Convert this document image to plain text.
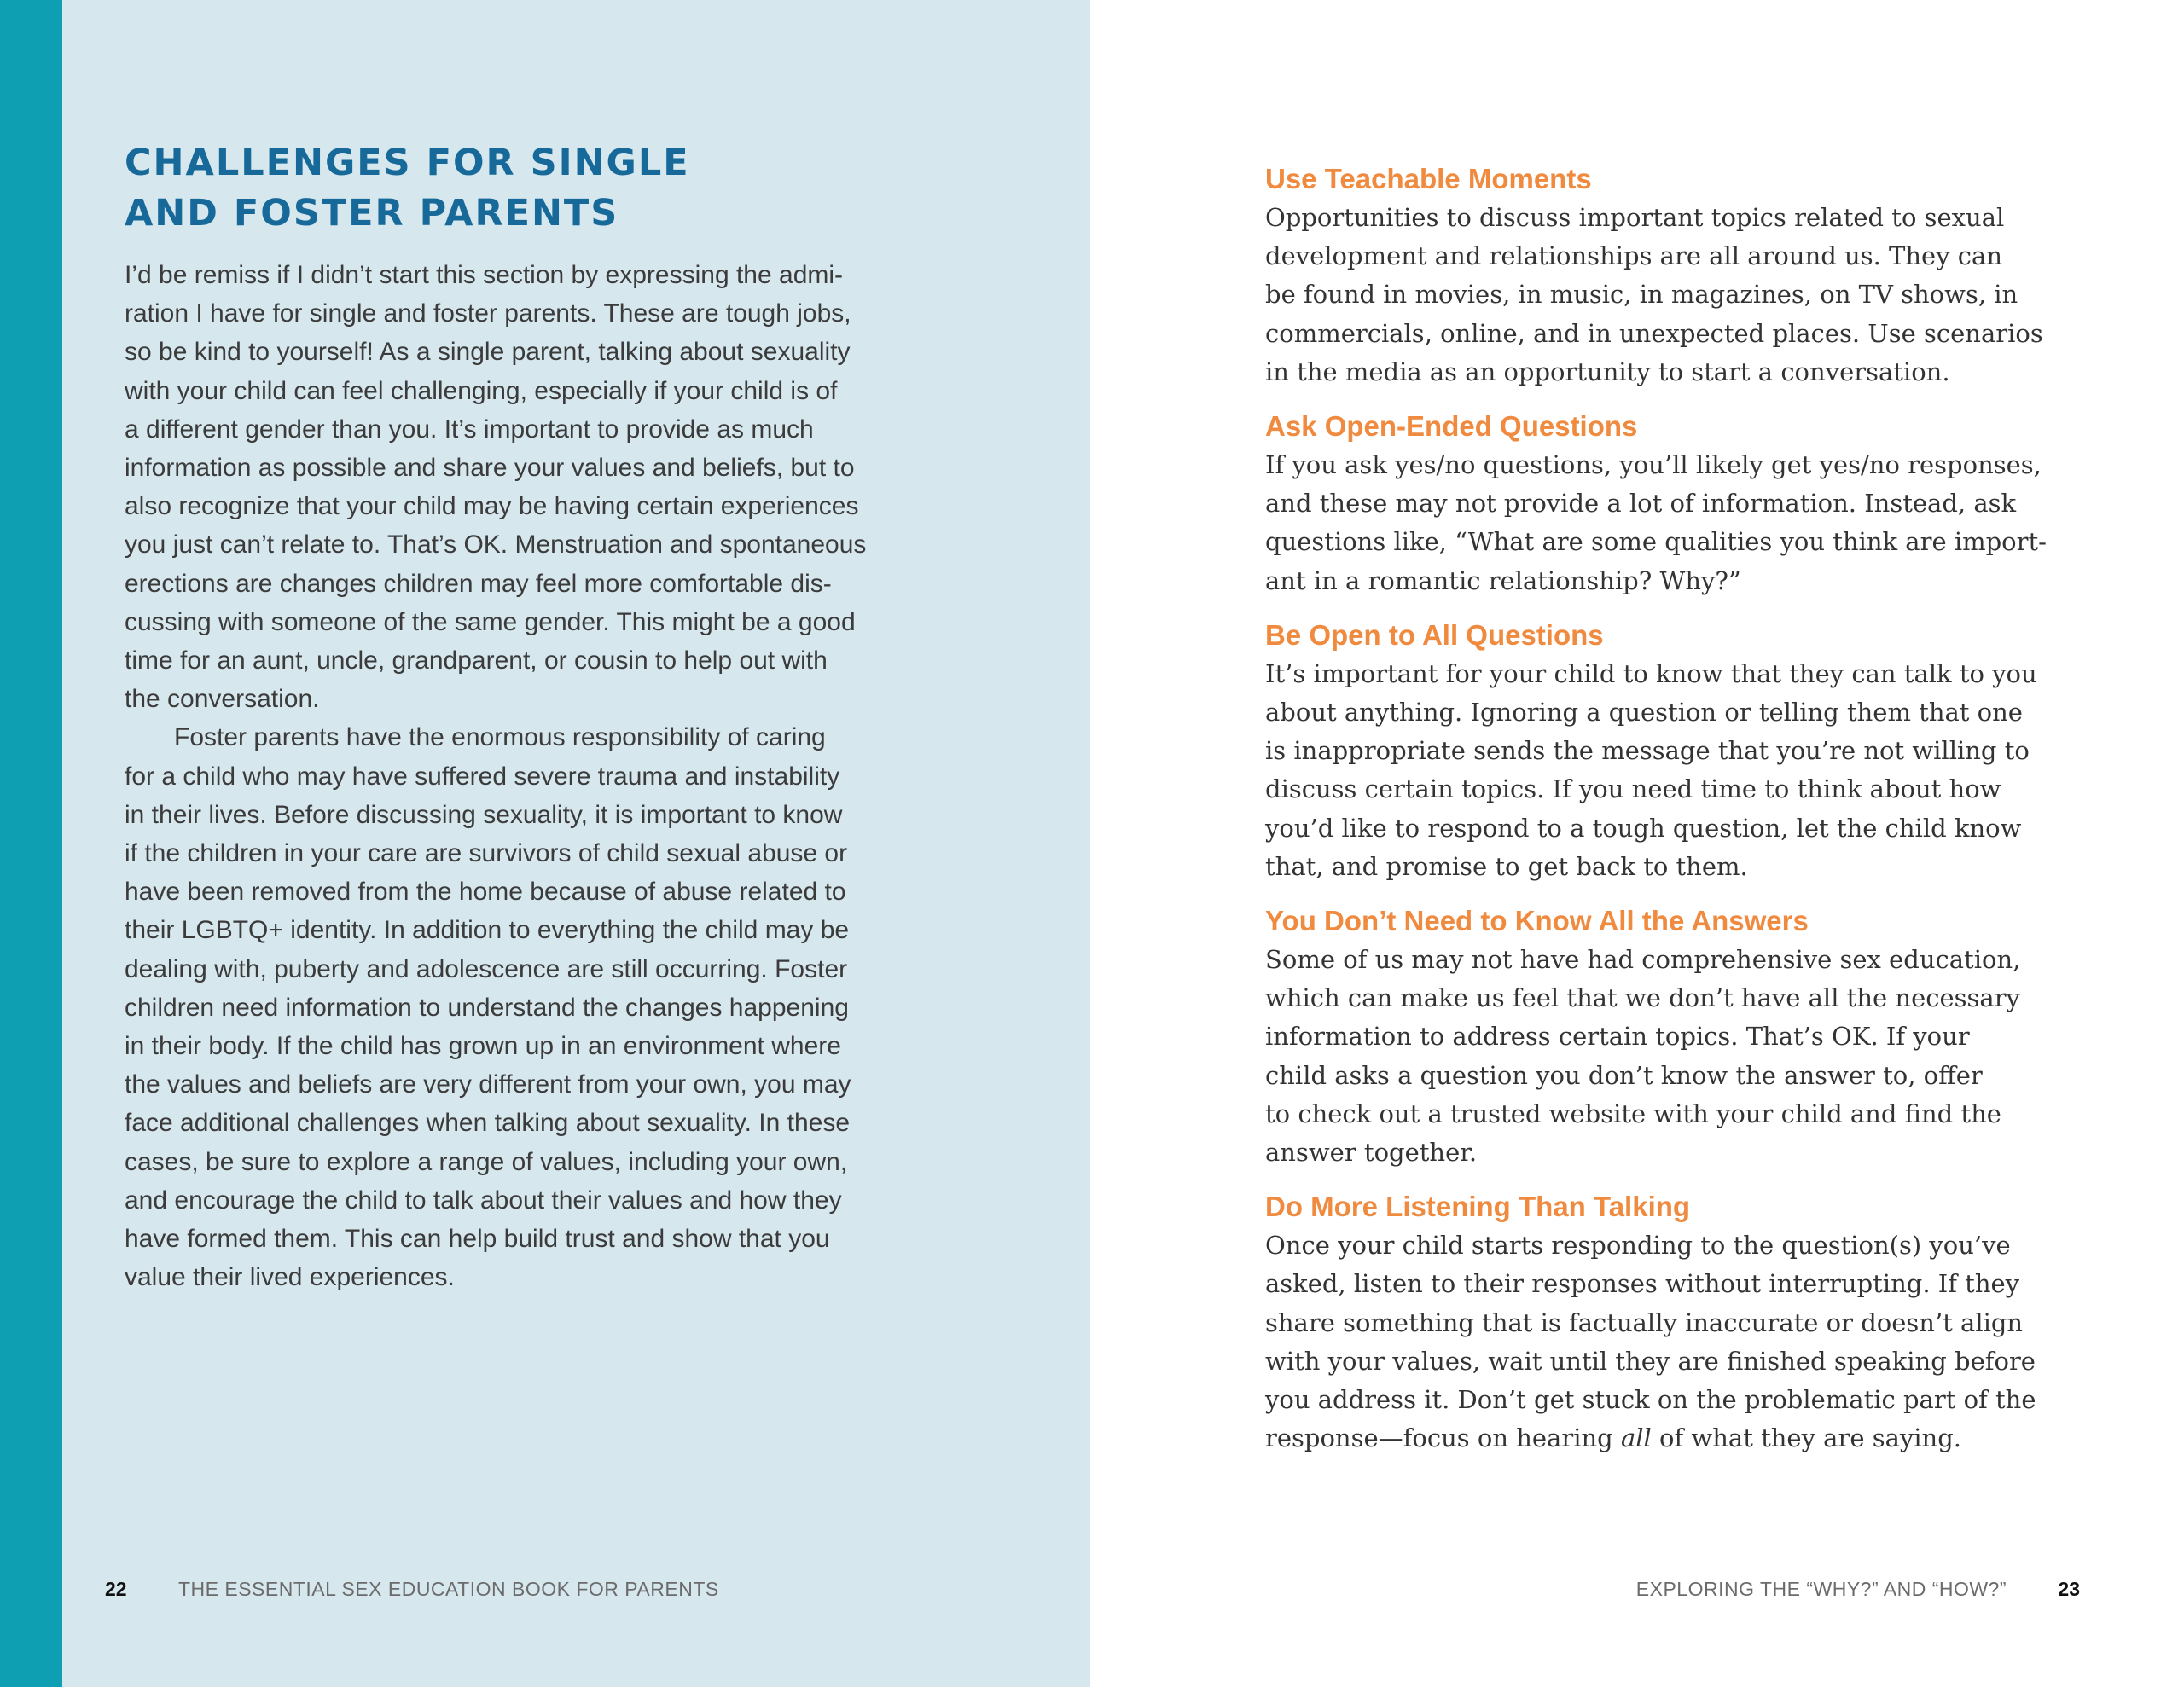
CHALLENGES FOR SINGLE
AND FOSTER PARENTS

I’d be remiss if I didn’t start this section by expressing the admi-
ration I have for single and foster parents. These are tough jobs,
so be kind to yourself! As a single parent, talking about sexuality
with your child can feel challenging, especially if your child is of
a different gender than you. It’s important to provide as much
information as possible and share your values and beliefs, but to
also recognize that your child may be having certain experiences
you just can’t relate to. That’s OK. Menstruation and spontaneous
erections are changes children may feel more comfortable dis-
cussing with someone of the same gender. This might be a good
time for an aunt, uncle, grandparent, or cousin to help out with
the conversation.

Foster parents have the enormous responsibility of caring
for a child who may have suffered severe trauma and instability
in their lives. Before discussing sexuality, it is important to know
if the children in your care are survivors of child sexual abuse or
have been removed from the home because of abuse related to
their LGBTQ+ identity. In addition to everything the child may be
dealing with, puberty and adolescence are still occurring. Foster
children need information to understand the changes happening
in their body. If the child has grown up in an environment where
the values and beliefs are very different from your own, you may
face additional challenges when talking about sexuality. In these
cases, be sure to explore a range of values, including your own,
and encourage the child to talk about their values and how they
have formed them. This can help build trust and show that you
value their lived experiences.

22	THE ESSENTIAL SEX EDUCATION BOOK FOR PARENTS
Use Teachable Moments

Opportunities to discuss important topics related to sexual
development and relationships are all around us. They can
be found in movies, in music, in magazines, on TV shows, in
commercials, online, and in unexpected places. Use scenarios
in the media as an opportunity to start a conversation.

Ask Open-Ended Questions

If you ask yes/no questions, you’ll likely get yes/no responses,
and these may not provide a lot of information. Instead, ask
questions like, “What are some qualities you think are import-
ant in a romantic relationship? Why?”

Be Open to All Questions

It’s important for your child to know that they can talk to you
about anything. Ignoring a question or telling them that one
is inappropriate sends the message that you’re not willing to
discuss certain topics. If you need time to think about how
you’d like to respond to a tough question, let the child know
that, and promise to get back to them.

You Don’t Need to Know All the Answers

Some of us may not have had comprehensive sex education,
which can make us feel that we don’t have all the necessary
information to address certain topics. That’s OK. If your
child asks a question you don’t know the answer to, offer
to check out a trusted website with your child and find the
answer together.

Do More Listening Than Talking

Once your child starts responding to the question(s) you’ve
asked, listen to their responses without interrupting. If they
share something that is factually inaccurate or doesn’t align
with your values, wait until they are finished speaking before
you address it. Don’t get stuck on the problematic part of the
response—focus on hearing all of what they are saying.

EXPLORING THE “WHY?” AND “HOW?”	23
